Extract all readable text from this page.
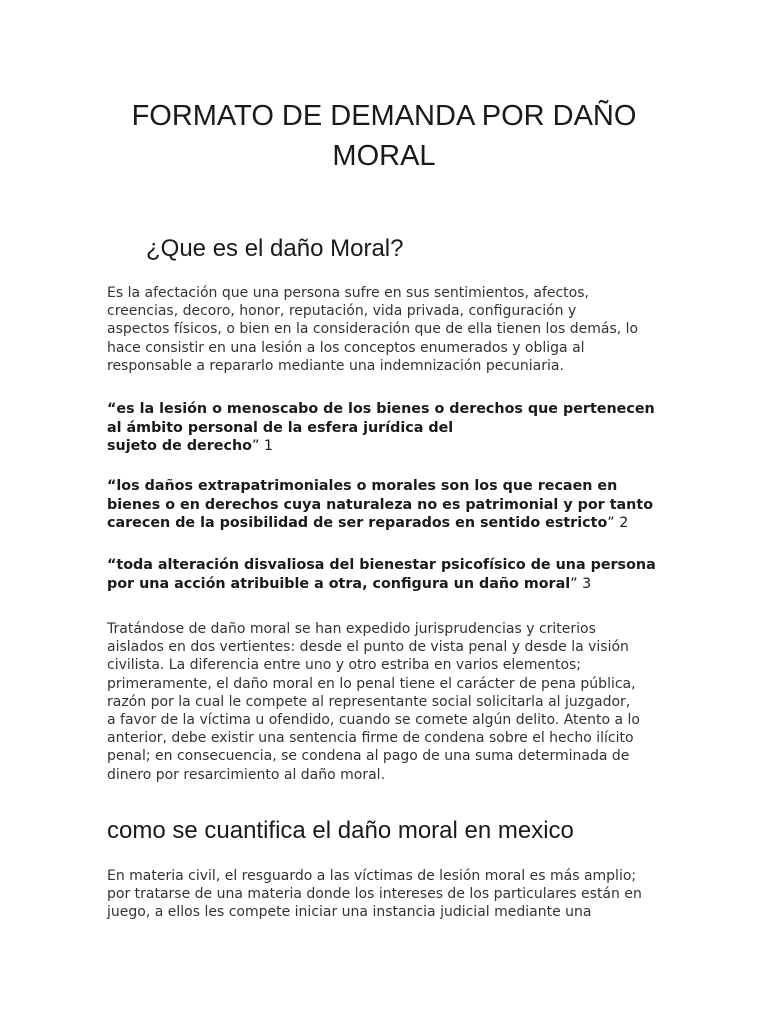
FORMATO DE DEMANDA POR DAÑO
MORAL
¿Que es el daño Moral?

Es la afectación que una persona sufre en sus sentimientos, afectos,
creencias, decoro, honor, reputación, vida privada, configuración y
aspectos físicos, o bien en la consideración que de ella tienen los demás, lo
hace consistir en una lesión a los conceptos enumerados y obliga al
responsable a repararlo mediante una indemnización pecuniaria.

“es la lesión o menoscabo de los bienes o derechos que pertenecen
al ámbito personal de la esfera jurídica del
sujeto de derecho” 1

“los daños extrapatrimoniales o morales son los que recaen en
bienes o en derechos cuya naturaleza no es patrimonial y por tanto
carecen de la posibilidad de ser reparados en sentido estricto” 2

“toda alteración disvaliosa del bienestar psicofísico de una persona
por una acción atribuible a otra, configura un daño moral” 3

Tratándose de daño moral se han expedido jurisprudencias y criterios
aislados en dos vertientes: desde el punto de vista penal y desde la visión
civilista. La diferencia entre uno y otro estriba en varios elementos;
primeramente, el daño moral en lo penal tiene el carácter de pena pública,
razón por la cual le compete al representante social solicitarla al juzgador,
a favor de la víctima u ofendido, cuando se comete algún delito. Atento a lo
anterior, debe existir una sentencia firme de condena sobre el hecho ilícito
penal; en consecuencia, se condena al pago de una suma determinada de
dinero por resarcimiento al daño moral.

como se cuantifica el daño moral en mexico

En materia civil, el resguardo a las víctimas de lesión moral es más amplio;
por tratarse de una materia donde los intereses de los particulares están en
juego, a ellos les compete iniciar una instancia judicial mediante una
